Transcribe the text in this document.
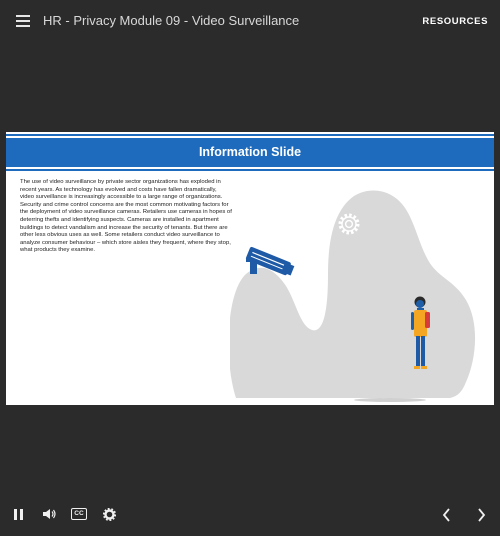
HR - Privacy Module 09 - Video Surveillance	RESOURCES
Information Slide

The use of video surveillance by private sector organizations has exploded in recent years. As technology has evolved and costs have fallen dramatically, video surveillance is increasingly accessible to a large range of organizations. Security and crime control concerns are the most common motivating factors for the deployment of video surveillance cameras. Retailers use cameras in hopes of deterring thefts and identifying suspects. Cameras are installed in apartment buildings to detect vandalism and increase the security of tenants. But there are other less obvious uses as well. Some retailers conduct video surveillance to analyze consumer behaviour – which store aisles they frequent, where they stop, what products they examine.

CC
